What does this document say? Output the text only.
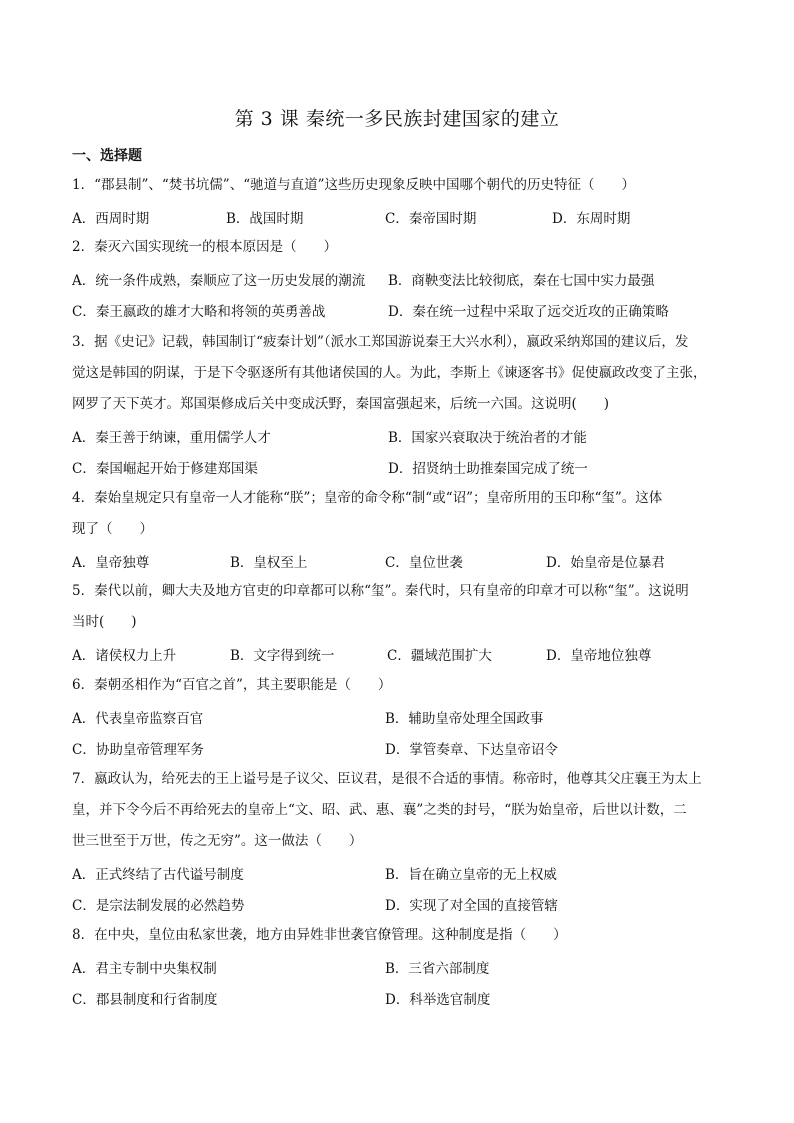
第 3 课 秦统一多民族封建国家的建立
一、选择题
1．“郡县制”、“焚书坑儒”、“驰道与直道”这些历史现象反映中国哪个朝代的历史特征（　　）
A．西周时期	B．战国时期	C．秦帝国时期	D．东周时期
2．秦灭六国实现统一的根本原因是（　　）
A．统一条件成熟，秦顺应了这一历史发展的潮流 B．商鞅变法比较彻底，秦在七国中实力最强
C．秦王嬴政的雄才大略和将领的英勇善战	D．秦在统一过程中采取了远交近攻的正确策略
3．据《史记》记载，韩国制订“疲秦计划”（派水工郑国游说秦王大兴水利），嬴政采纳郑国的建议后，发
觉这是韩国的阴谋，于是下令驱逐所有其他诸侯国的人。为此，李斯上《谏逐客书》促使嬴政改变了主张，
网罗了天下英才。郑国渠修成后关中变成沃野，秦国富强起来，后统一六国。这说明(　　)
A．秦王善于纳谏，重用儒学人才	B．国家兴衰取决于统治者的才能
C．秦国崛起开始于修建郑国渠	D．招贤纳士助推秦国完成了统一
4．秦始皇规定只有皇帝一人才能称“朕”；皇帝的命令称“制“或“诏”；皇帝所用的玉印称“玺”。这体
现了（　　）
A．皇帝独尊	B．皇权至上	C．皇位世袭	D．始皇帝是位暴君
5．秦代以前，卿大夫及地方官吏的印章都可以称“玺”。秦代时，只有皇帝的印章才可以称“玺”。这说明
当时(　　)
A．诸侯权力上升	B．文字得到统一	C．疆域范围扩大	D．皇帝地位独尊
6．秦朝丞相作为“百官之首”，其主要职能是（　　）
A．代表皇帝监察百官	B．辅助皇帝处理全国政事
C．协助皇帝管理军务	D．掌管奏章、下达皇帝诏令
7．嬴政认为，给死去的王上谥号是子议父、臣议君，是很不合适的事情。称帝时，他尊其父庄襄王为太上
皇，并下令今后不再给死去的皇帝上“文、昭、武、惠、襄”之类的封号，“朕为始皇帝，后世以计数，二
世三世至于万世，传之无穷”。这一做法（　　）
A．正式终结了古代谥号制度	B．旨在确立皇帝的无上权威
C．是宗法制发展的必然趋势	D．实现了对全国的直接管辖
8．在中央，皇位由私家世袭，地方由异姓非世袭官僚管理。这种制度是指（　　）
A．君主专制中央集权制	B．三省六部制度
C．郡县制度和行省制度	D．科举选官制度
